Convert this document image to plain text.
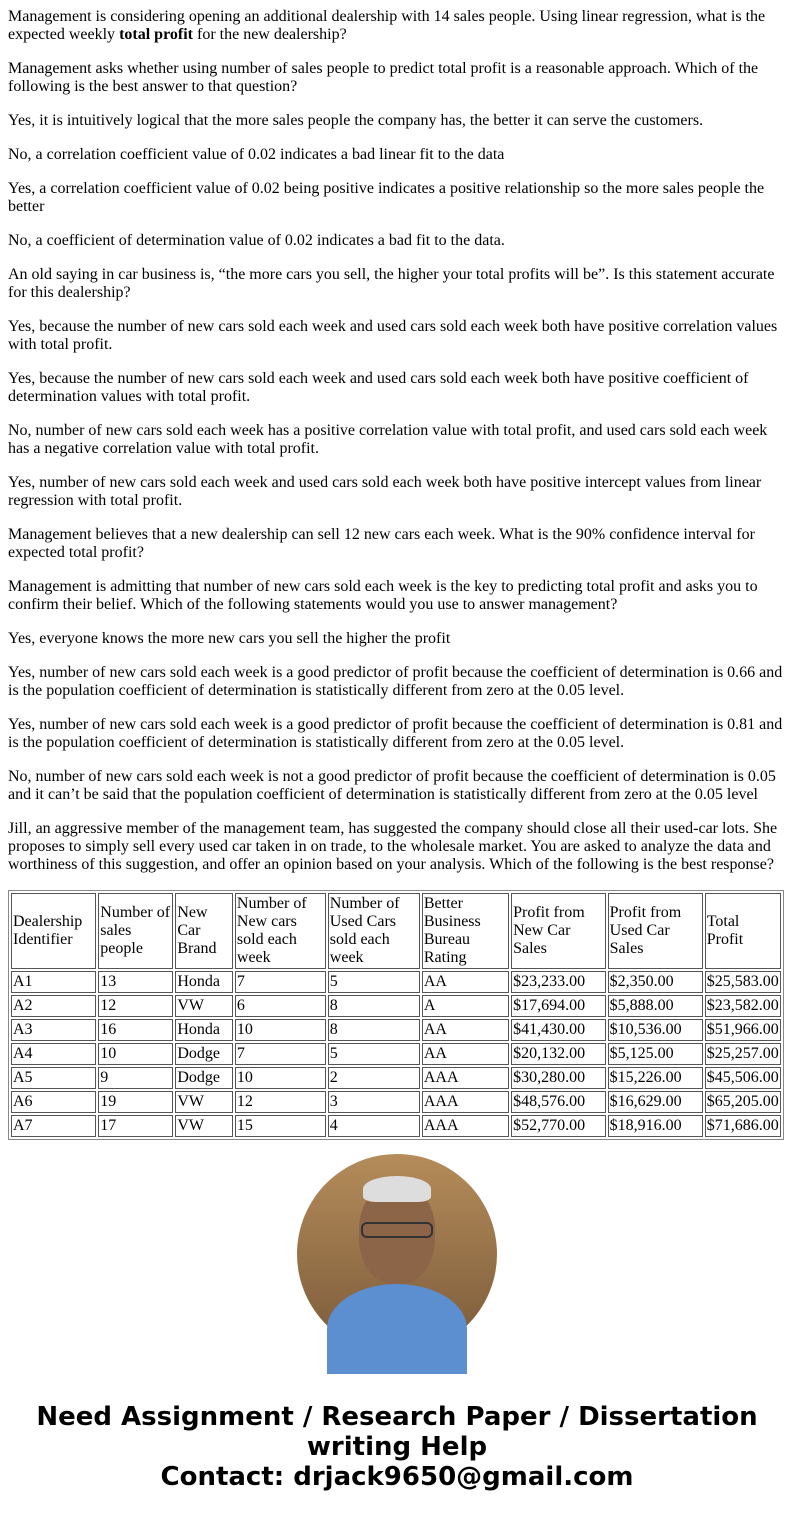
Management is considering opening an additional dealership with 14 sales people. Using linear regression, what is the expected weekly total profit for the new dealership?

Management asks whether using number of sales people to predict total profit is a reasonable approach. Which of the following is the best answer to that question?

Yes, it is intuitively logical that the more sales people the company has, the better it can serve the customers.

No, a correlation coefficient value of 0.02 indicates a bad linear fit to the data

Yes, a correlation coefficient value of 0.02 being positive indicates a positive relationship so the more sales people the better

No, a coefficient of determination value of 0.02 indicates a bad fit to the data.

An old saying in car business is, “the more cars you sell, the higher your total profits will be”. Is this statement accurate for this dealership?

Yes, because the number of new cars sold each week and used cars sold each week both have positive correlation values with total profit.

Yes, because the number of new cars sold each week and used cars sold each week both have positive coefficient of determination values with total profit.

No, number of new cars sold each week has a positive correlation value with total profit, and used cars sold each week has a negative correlation value with total profit.

Yes, number of new cars sold each week and used cars sold each week both have positive intercept values from linear regression with total profit.

Management believes that a new dealership can sell 12 new cars each week. What is the 90% confidence interval for expected total profit?

Management is admitting that number of new cars sold each week is the key to predicting total profit and asks you to confirm their belief. Which of the following statements would you use to answer management?

Yes, everyone knows the more new cars you sell the higher the profit

Yes, number of new cars sold each week is a good predictor of profit because the coefficient of determination is 0.66 and is the population coefficient of determination is statistically different from zero at the 0.05 level.

Yes, number of new cars sold each week is a good predictor of profit because the coefficient of determination is 0.81 and is the population coefficient of determination is statistically different from zero at the 0.05 level.

No, number of new cars sold each week is not a good predictor of profit because the coefficient of determination is 0.05 and it can’t be said that the population coefficient of determination is statistically different from zero at the 0.05 level

Jill, an aggressive member of the management team, has suggested the company should close all their used-car lots. She proposes to simply sell every used car taken in on trade, to the wholesale market. You are asked to analyze the data and worthiness of this suggestion, and offer an opinion based on your analysis. Which of the following is the best response?

Dealership Identifier	Number of sales people	New Car Brand	Number of New cars sold each week	Number of Used Cars sold each week	Better Business Bureau Rating	Profit from New Car Sales	Profit from Used Car Sales	Total Profit
A1	13	Honda	7	5	AA	$23,233.00	$2,350.00	$25,583.00
A2	12	VW	6	8	A	$17,694.00	$5,888.00	$23,582.00
A3	16	Honda	10	8	AA	$41,430.00	$10,536.00	$51,966.00
A4	10	Dodge	7	5	AA	$20,132.00	$5,125.00	$25,257.00
A5	9	Dodge	10	2	AAA	$30,280.00	$15,226.00	$45,506.00
A6	19	VW	12	3	AAA	$48,576.00	$16,629.00	$65,205.00
A7	17	VW	15	4	AAA	$52,770.00	$18,916.00	$71,686.00
Need Assignment / Research Paper / Dissertation writing Help
Contact: drjack9650@gmail.com
